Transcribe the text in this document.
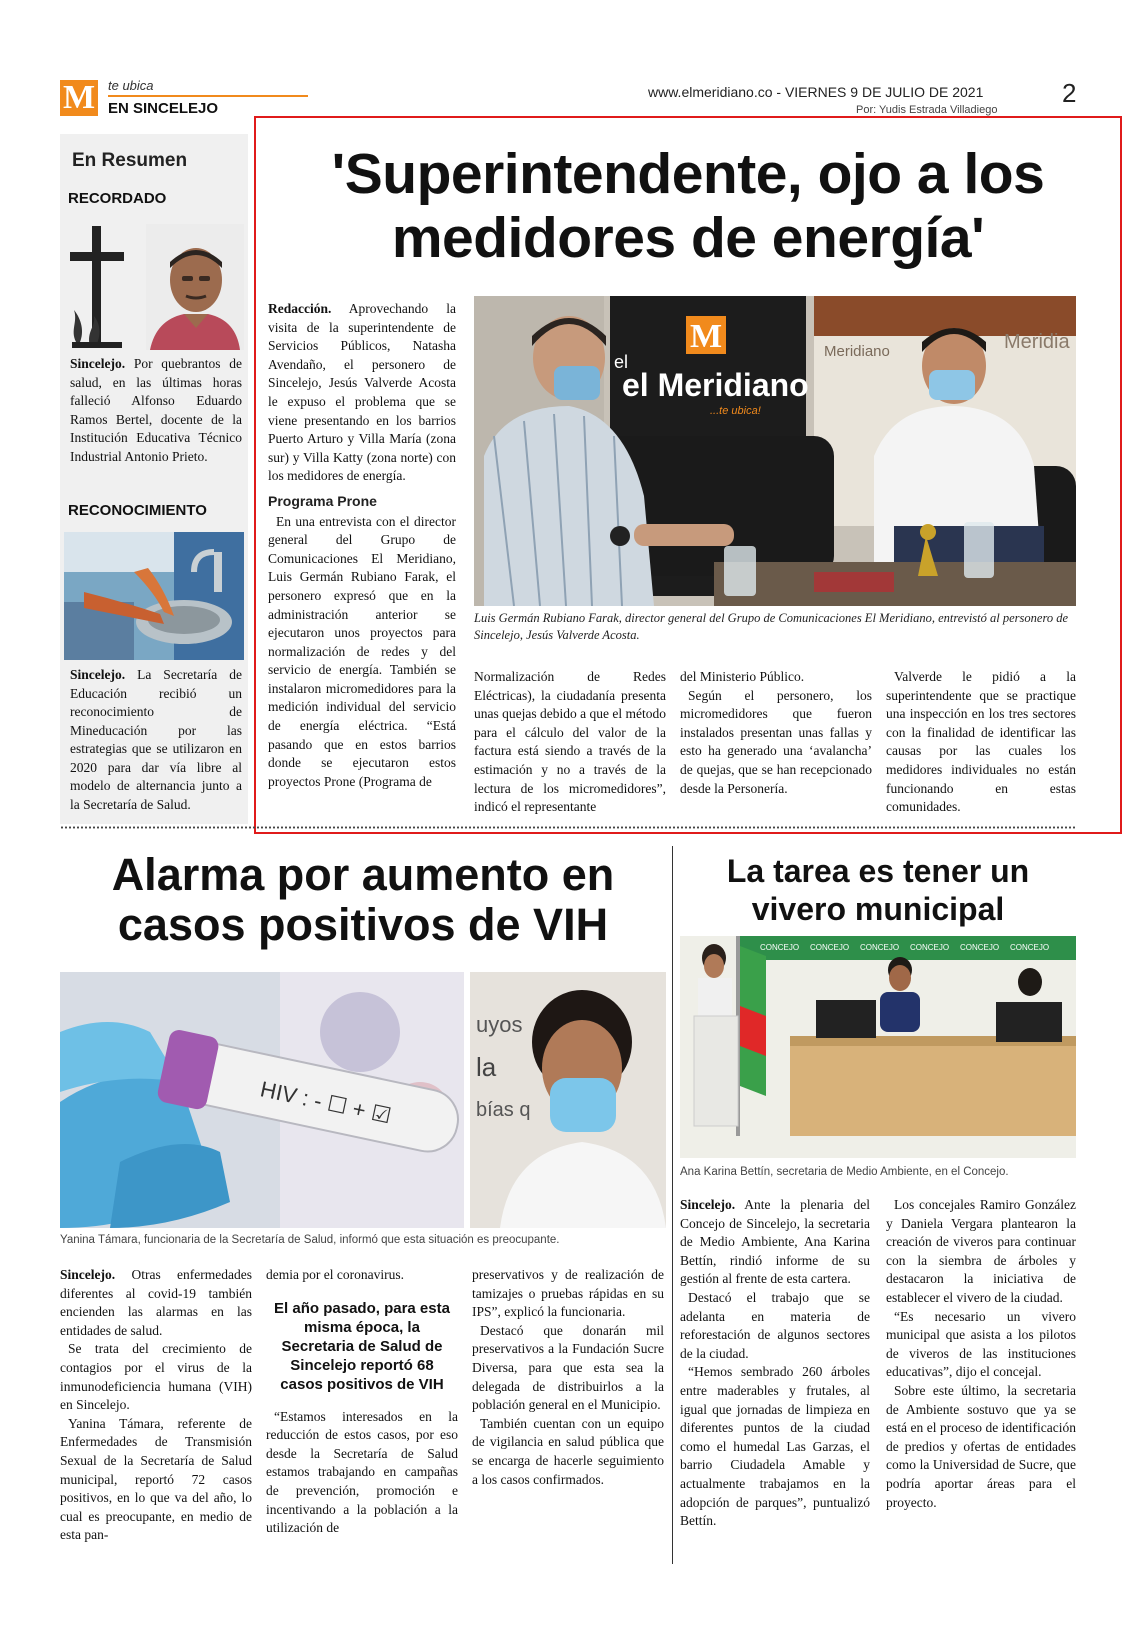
M te ubica
EN SINCELEJO
www.elmeridiano.co - VIERNES 9 DE JULIO DE 2021	2
Por: Yudis Estrada Villadiego
En Resumen
RECORDADO
Sincelejo. Por quebrantos de salud, en las últimas horas falleció Alfonso Eduardo Ramos Bertel, docente de la Institución Educativa Técnico Industrial Antonio Prieto.
RECONOCIMIENTO
Sincelejo. La Secretaría de Educación recibió un reconocimiento de Mineducación por las estrategias que se utilizaron en 2020 para dar vía libre al modelo de alternancia junto a la Secretaría de Salud.
'Superintendente, ojo a los medidores de energía'

Redacción. Aprovechando la visita de la superintendente de Servicios Públicos, Natasha Avendaño, el personero de Sincelejo, Jesús Valverde Acosta le expuso el problema que se viene presentando en los barrios Puerto Arturo y Villa María (zona sur) y Villa Katty (zona norte) con los medidores de energía.

Programa Prone

En una entrevista con el director general del Grupo de Comunicaciones El Meridiano, Luis Germán Rubiano Farak, el personero expresó que en la administración anterior se ejecutaron unos proyectos para normalización de redes y del servicio de energía. También se instalaron micromedidores para la medición individual del servicio de energía eléctrica. “Está pasando que en estos barrios donde se ejecutaron estos proyectos Prone (Programa de

M
el
el Meridiano
...te ubica!
Meridiano	Meridia
Luis Germán Rubiano Farak, director general del Grupo de Comunicaciones El Meridiano, entrevistó al personero de Sincelejo, Jesús Valverde Acosta.

Normalización de Redes Eléctricas), la ciudadanía presenta unas quejas debido a que el método para el cálculo del valor de la factura está siendo a través de la estimación y no a través de la lectura de los micromedidores”, indicó el representante

del Ministerio Público.

Según el personero, los micromedidores que fueron instalados presentan unas fallas y esto ha generado una ‘avalancha’ de quejas, que se han recepcionado desde la Personería.

Valverde le pidió a la superintendente que se practique una inspección en los tres sectores con la finalidad de identificar las causas por las cuales los medidores individuales no están funcionando en estas comunidades.

Alarma por aumento en casos positivos de VIH
HIV : - ☐ + ☑
uyos
la
bías q
Yanina Támara, funcionaria de la Secretaría de Salud, informó que esta situación es preocupante.

Sincelejo. Otras enfermedades diferentes al covid-19 también encienden las alarmas en las entidades de salud.

Se trata del crecimiento de contagios por el virus de la inmunodeficiencia humana (VIH) en Sincelejo.

Yanina Támara, referente de Enfermedades de Transmisión Sexual de la Secretaría de Salud municipal, reportó 72 casos positivos, en lo que va del año, lo cual es preocupante, en medio de esta pan-

demia por el coronavirus.

El año pasado, para esta misma época, la Secretaria de Salud de Sincelejo reportó 68 casos positivos de VIH

“Estamos interesados en la reducción de estos casos, por eso desde la Secretaría de Salud estamos trabajando en campañas de prevención, promoción e incentivando a la población a la utilización de

preservativos y de realización de tamizajes o pruebas rápidas en su IPS”, explicó la funcionaria.

Destacó que donarán mil preservativos a la Fundación Sucre Diversa, para que esta sea la delegada de distribuirlos a la población general en el Municipio.

También cuentan con un equipo de vigilancia en salud pública que se encarga de hacerle seguimiento a los casos confirmados.

La tarea es tener un vivero municipal
CONCEJO CONCEJO CONCEJO CONCEJO CONCEJO CONCEJO
Ana Karina Bettín, secretaria de Medio Ambiente, en el Concejo.

Sincelejo. Ante la plenaria del Concejo de Sincelejo, la secretaria de Medio Ambiente, Ana Karina Bettín, rindió informe de su gestión al frente de esta cartera.

Destacó el trabajo que se adelanta en materia de reforestación de algunos sectores de la ciudad.

“Hemos sembrado 260 árboles entre maderables y frutales, al igual que jornadas de limpieza en diferentes puntos de la ciudad como el humedal Las Garzas, el barrio Ciudadela Amable y actualmente trabajamos en la adopción de parques”, puntualizó Bettín.

Los concejales Ramiro González y Daniela Vergara plantearon la creación de viveros para continuar con la siembra de árboles y destacaron la iniciativa de establecer el vivero de la ciudad.

“Es necesario un vivero municipal que asista a los pilotos de viveros de las instituciones educativas”, dijo el concejal.

Sobre este último, la secretaria de Ambiente sostuvo que ya se está en el proceso de identificación de predios y ofertas de entidades como la Universidad de Sucre, que podría aportar áreas para el proyecto.
